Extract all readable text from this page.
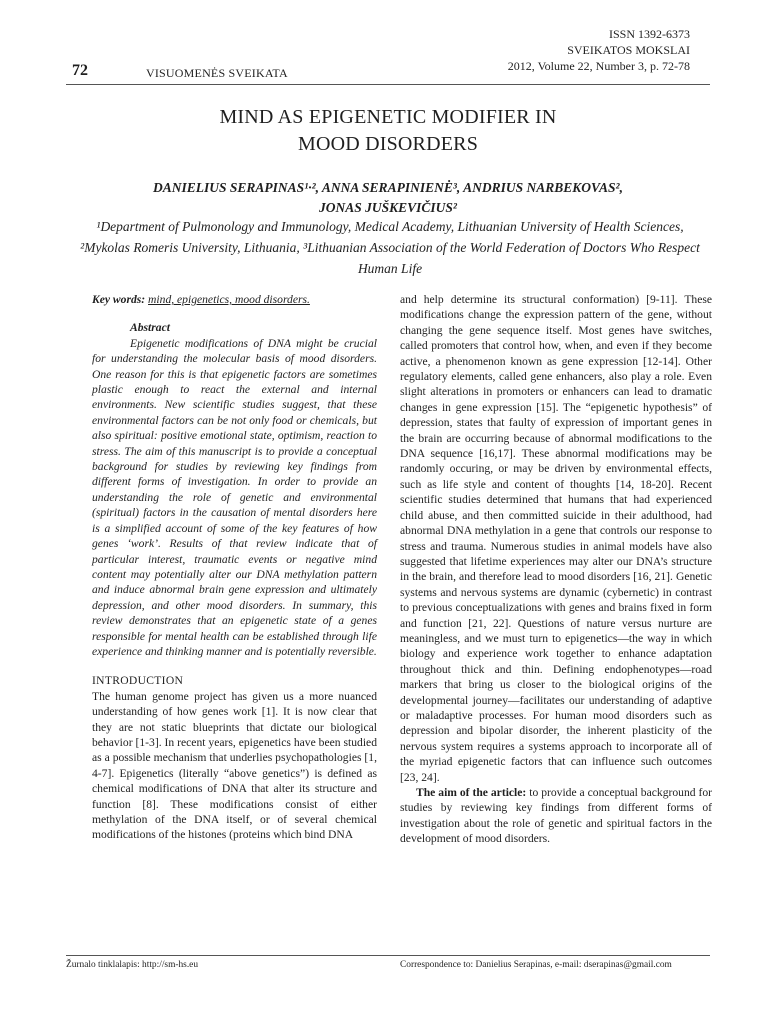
ISSN 1392-6373
SVEIKATOS MOKSLAI
2012, Volume 22, Number 3, p. 72-78
72	VISUOMENĖS SVEIKATA
MIND AS EPIGENETIC MODIFIER IN
MOOD DISORDERS
DANIELIUS SERAPINAS¹·², ANNA SERAPINIENĖ³, ANDRIUS NARBEKOVAS²,
JONAS JUŠKEVIČIUS²
¹Department of Pulmonology and Immunology, Medical Academy, Lithuanian University of Health Sciences, ²Mykolas Romeris University, Lithuania, ³Lithuanian Association of the World Federation of Doctors Who Respect Human Life

Key words: mind, epigenetics, mood disorders.

Abstract

Epigenetic modifications of DNA might be crucial for understanding the molecular basis of mood disorders. One reason for this is that epigenetic factors are sometimes plastic enough to react the external and internal environments. New scientific studies suggest, that these environmental factors can be not only food or chemicals, but also spiritual: positive emotional state, optimism, reaction to stress. The aim of this manuscript is to provide a conceptual background for studies by reviewing key findings from different forms of investigation. In order to provide an understanding the role of genetic and environmental (spiritual) factors in the causation of mental disorders here is a simplified account of some of the key features of how genes ‘work’. Results of that review indicate that of particular interest, traumatic events or negative mind content may potentially alter our DNA methylation pattern and induce abnormal brain gene expression and ultimately depression, and other mood disorders. In summary, this review demonstrates that an epigenetic state of a genes responsible for mental health can be established through life experience and thinking manner and is potentially reversible.

INTRODUCTION

The human genome project has given us a more nuanced understanding of how genes work [1]. It is now clear that they are not static blueprints that dictate our biological behavior [1-3]. In recent years, epigenetics have been studied as a possible mechanism that underlies psychopathologies [1, 4-7]. Epigenetics (literally “above genetics”) is defined as chemical modifications of DNA that alter its structure and function [8]. These modifications consist of either methylation of the DNA itself, or of several chemical modifications of the histones (proteins which bind DNA

and help determine its structural conformation) [9-11]. These modifications change the expression pattern of the gene, without changing the gene sequence itself. Most genes have switches, called promoters that control how, when, and even if they become active, a phenomenon known as gene expression [12-14]. Other regulatory elements, called gene enhancers, also play a role. Even slight alterations in promoters or enhancers can lead to dramatic changes in gene expression [15]. The “epigenetic hypothesis” of depression, states that faulty of expression of important genes in the brain are occurring because of abnormal modifications to the DNA sequence [16,17]. These abnormal modifications may be randomly occuring, or may be driven by environmental effects, such as life style and content of thoughts [14, 18-20]. Recent scientific studies determined that humans that had experienced child abuse, and then committed suicide in their adulthood, had abnormal DNA methylation in a gene that controls our response to stress and trauma. Numerous studies in animal models have also suggested that lifetime experiences may alter our DNA’s structure in the brain, and therefore lead to mood disorders [16, 21]. Genetic systems and nervous systems are dynamic (cybernetic) in contrast to previous conceptualizations with genes and brains fixed in form and function [21, 22]. Questions of nature versus nurture are meaningless, and we must turn to epigenetics—the way in which biology and experience work together to enhance adaptation throughout thick and thin. Defining endophenotypes—road markers that bring us closer to the biological origins of the developmental journey—facilitates our understanding of adaptive or maladaptive processes. For human mood disorders such as depression and bipolar disorder, the inherent plasticity of the nervous system requires a systems approach to incorporate all of the myriad epigenetic factors that can influence such outcomes [23, 24].

The aim of the article: to provide a conceptual background for studies by reviewing key findings from different forms of investigation about the role of genetic and spiritual factors in the development of mood disorders.

Žurnalo tinklalapis: http://sm-hs.eu	Correspondence to: Danielius Serapinas, e-mail: dserapinas@gmail.com
